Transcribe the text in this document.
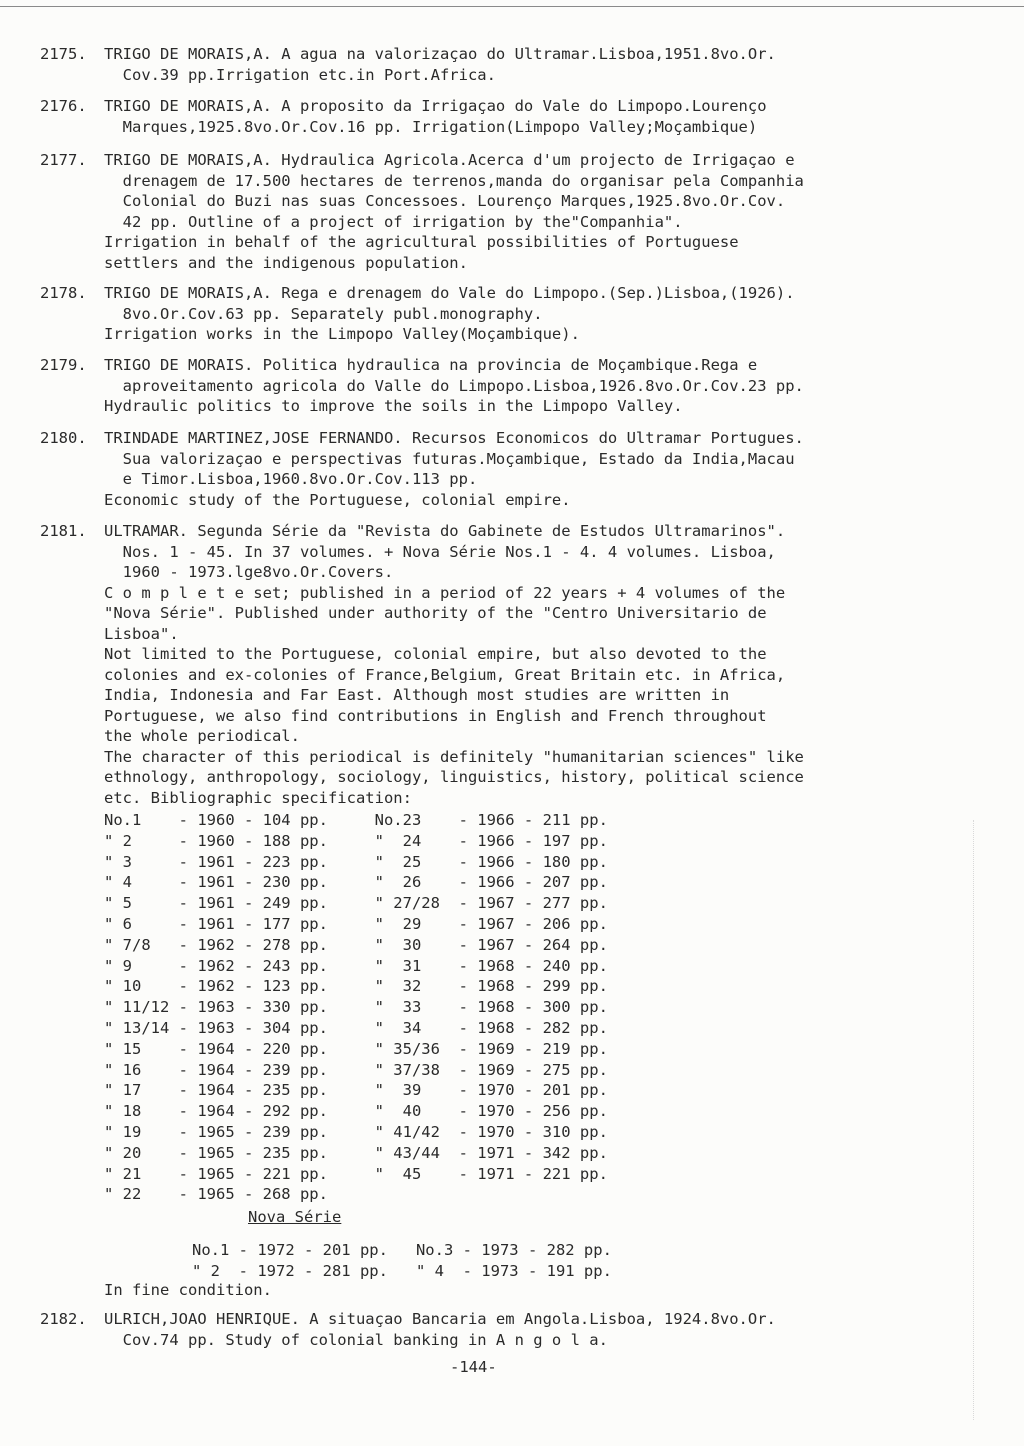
2175. TRIGO DE MORAIS,A. A agua na valorizaçao do Ultramar.Lisboa,1951.8vo.Or.
Cov.39 pp.Irrigation etc.in Port.Africa.
2176. TRIGO DE MORAIS,A. A proposito da Irrigaçao do Vale do Limpopo.Lourenço
Marques,1925.8vo.Or.Cov.16 pp. Irrigation(Limpopo Valley;Moçambique)
2177. TRIGO DE MORAIS,A. Hydraulica Agricola.Acerca d'um projecto de Irrigaçao e
drenagem de 17.500 hectares de terrenos,manda do organisar pela Companhia
Colonial do Buzi nas suas Concessoes. Lourenço Marques,1925.8vo.Or.Cov.
42 pp. Outline of a project of irrigation by the"Companhia".
Irrigation in behalf of the agricultural possibilities of Portuguese
settlers and the indigenous population.
2178. TRIGO DE MORAIS,A. Rega e drenagem do Vale do Limpopo.(Sep.)Lisboa,(1926).
8vo.Or.Cov.63 pp. Separately publ.monography.
Irrigation works in the Limpopo Valley(Moçambique).
2179. TRIGO DE MORAIS. Politica hydraulica na provincia de Moçambique.Rega e
aproveitamento agricola do Valle do Limpopo.Lisboa,1926.8vo.Or.Cov.23 pp.
Hydraulic politics to improve the soils in the Limpopo Valley.
2180. TRINDADE MARTINEZ,JOSE FERNANDO. Recursos Economicos do Ultramar Portugues.
Sua valorizaçao e perspectivas futuras.Moçambique, Estado da India,Macau
e Timor.Lisboa,1960.8vo.Or.Cov.113 pp.
Economic study of the Portuguese, colonial empire.
2181. ULTRAMAR. Segunda Série da "Revista do Gabinete de Estudos Ultramarinos".
Nos. 1 - 45. In 37 volumes. + Nova Série Nos.1 - 4. 4 volumes. Lisboa,
1960 - 1973.lge8vo.Or.Covers.
C o m p l e t e set; published in a period of 22 years + 4 volumes of the
"Nova Série". Published under authority of the "Centro Universitario de
Lisboa".
Not limited to the Portuguese, colonial empire, but also devoted to the
colonies and ex-colonies of France,Belgium, Great Britain etc. in Africa,
India, Indonesia and Far East. Although most studies are written in
Portuguese, we also find contributions in English and French throughout
the whole periodical.
The character of this periodical is definitely "humanitarian sciences" like
ethnology, anthropology, sociology, linguistics, history, political science
etc. Bibliographic specification:
No.1    - 1960 - 104 pp.     No.23    - 1966 - 211 pp.
" 2     - 1960 - 188 pp.     "  24    - 1966 - 197 pp.
" 3     - 1961 - 223 pp.     "  25    - 1966 - 180 pp.
" 4     - 1961 - 230 pp.     "  26    - 1966 - 207 pp.
" 5     - 1961 - 249 pp.     " 27/28  - 1967 - 277 pp.
" 6     - 1961 - 177 pp.     "  29    - 1967 - 206 pp.
" 7/8   - 1962 - 278 pp.     "  30    - 1967 - 264 pp.
" 9     - 1962 - 243 pp.     "  31    - 1968 - 240 pp.
" 10    - 1962 - 123 pp.     "  32    - 1968 - 299 pp.
" 11/12 - 1963 - 330 pp.     "  33    - 1968 - 300 pp.
" 13/14 - 1963 - 304 pp.     "  34    - 1968 - 282 pp.
" 15    - 1964 - 220 pp.     " 35/36  - 1969 - 219 pp.
" 16    - 1964 - 239 pp.     " 37/38  - 1969 - 275 pp.
" 17    - 1964 - 235 pp.     "  39    - 1970 - 201 pp.
" 18    - 1964 - 292 pp.     "  40    - 1970 - 256 pp.
" 19    - 1965 - 239 pp.     " 41/42  - 1970 - 310 pp.
" 20    - 1965 - 235 pp.     " 43/44  - 1971 - 342 pp.
" 21    - 1965 - 221 pp.     "  45    - 1971 - 221 pp.
" 22    - 1965 - 268 pp.
Nova Série
No.1 - 1972 - 201 pp.   No.3 - 1973 - 282 pp.
" 2  - 1972 - 281 pp.   " 4  - 1973 - 191 pp.
In fine condition.
2182. ULRICH,JOAO HENRIQUE. A situaçao Bancaria em Angola.Lisboa, 1924.8vo.Or.
Cov.74 pp. Study of colonial banking in A n g o l a.
-144-
